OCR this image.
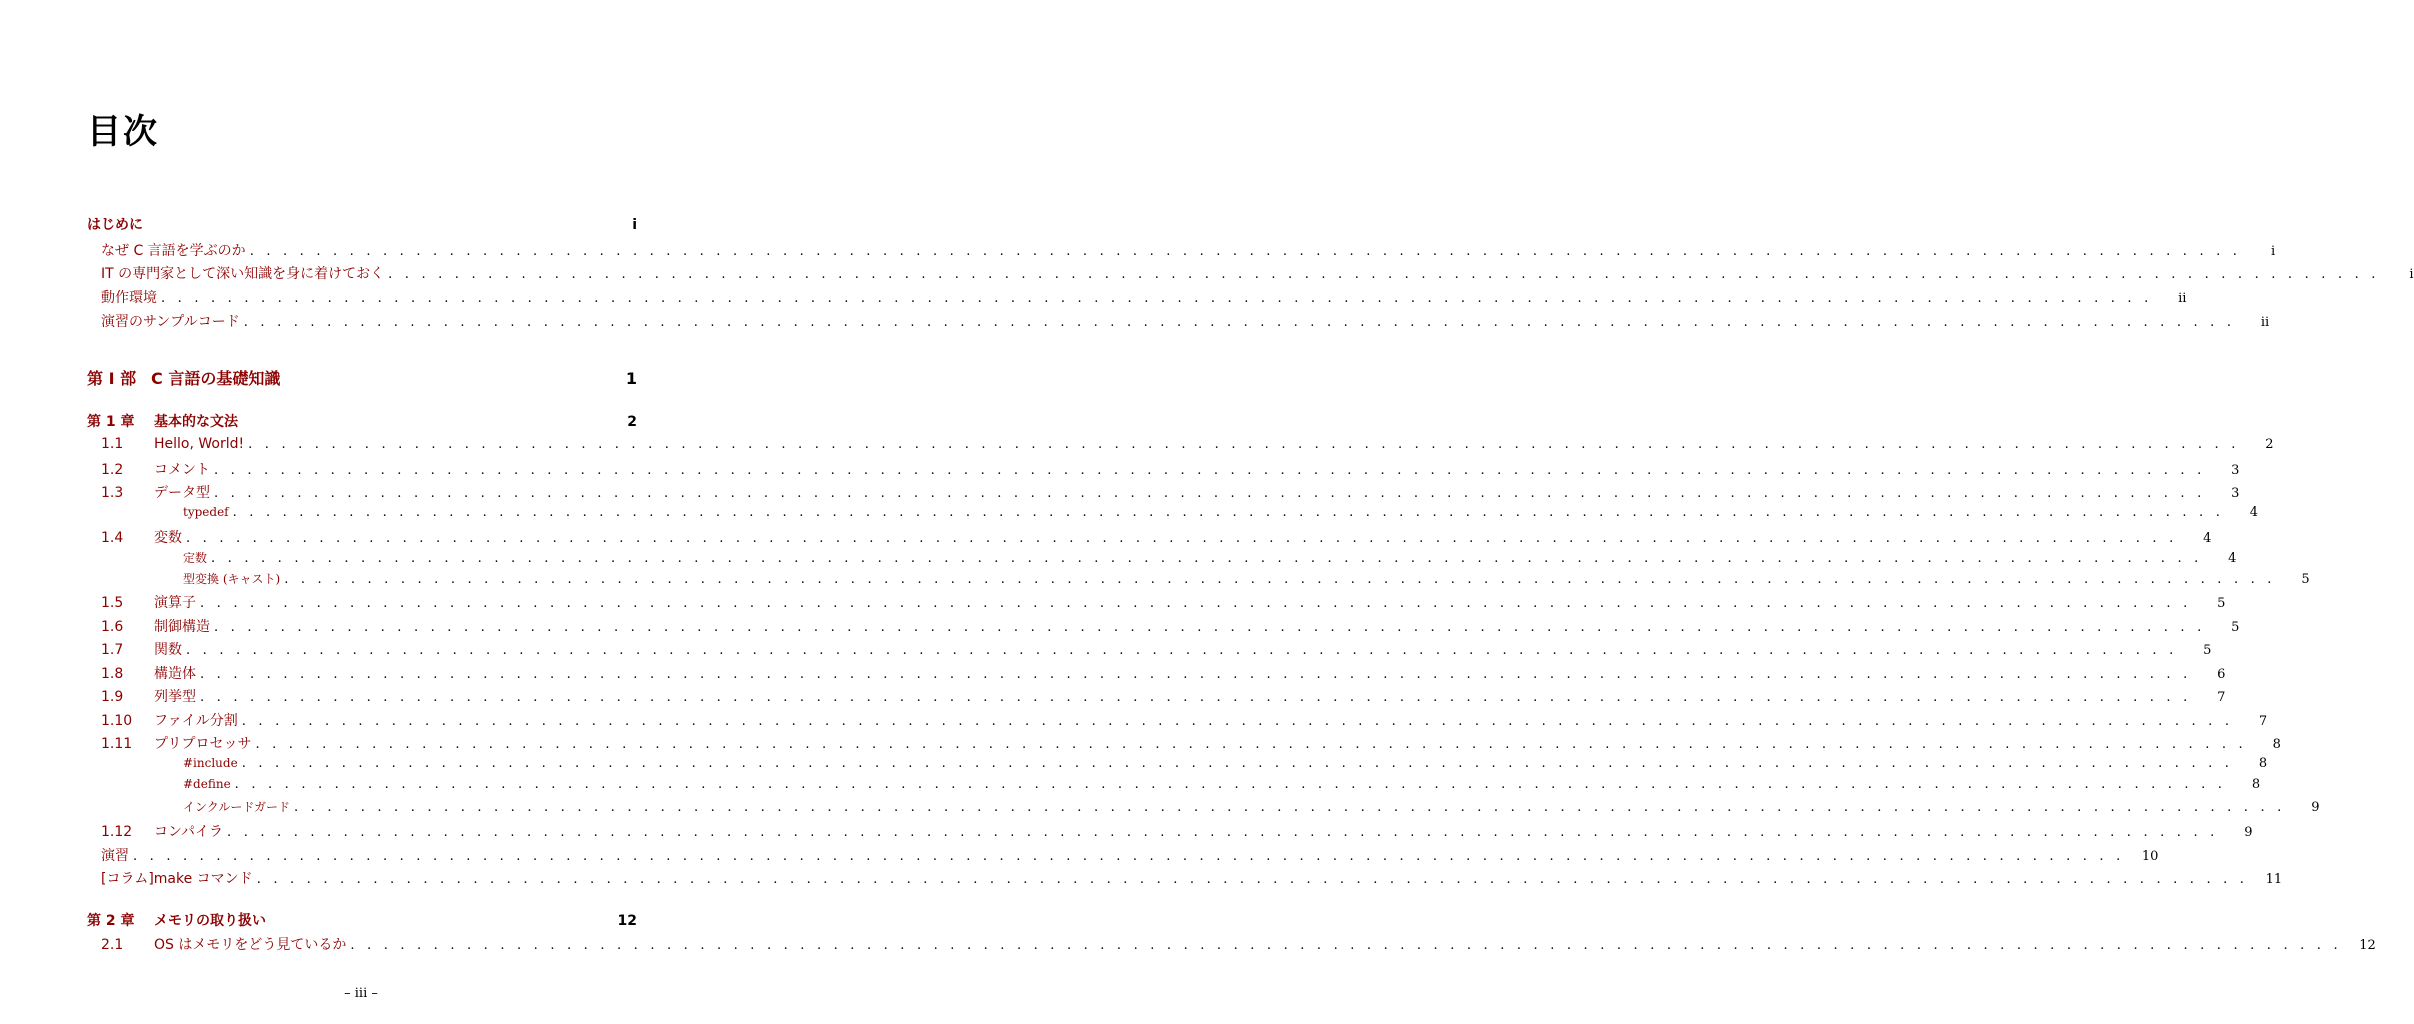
目次
はじめに	i
なぜ C 言語を学ぶのか . . . . . . . . . . . . . . . . . . . . . . . . . . . . . . . . . . . . . . . . . . . . . . . . . . . . . . . . . . . . . . . . . . . . . . . . . . . . . . . . . . . . . . . . . . . . . . . . . . . . . . . . . . . . . . . . . . . . . . . .	i
IT の専門家として深い知識を身に着けておく . . . . . . . . . . . . . . . . . . . . . . . . . . . . . . . . . . . . . . . . . . . . . . . . . . . . . . . . . . . . . . . . . . . . . . . . . . . . . . . . . . . . . . . . . . . . . . . . . . . . . . . . . . . . . . . . . . . . . . . .	i
動作環境 . . . . . . . . . . . . . . . . . . . . . . . . . . . . . . . . . . . . . . . . . . . . . . . . . . . . . . . . . . . . . . . . . . . . . . . . . . . . . . . . . . . . . . . . . . . . . . . . . . . . . . . . . . . . . . . . . . . . . . . .	ii
演習のサンプルコード . . . . . . . . . . . . . . . . . . . . . . . . . . . . . . . . . . . . . . . . . . . . . . . . . . . . . . . . . . . . . . . . . . . . . . . . . . . . . . . . . . . . . . . . . . . . . . . . . . . . . . . . . . . . . . . . . . . . . . . .	ii
第 I 部 C 言語の基礎知識	1
第 1 章	基本的な文法	2
1.1	Hello, World! . . . . . . . . . . . . . . . . . . . . . . . . . . . . . . . . . . . . . . . . . . . . . . . . . . . . . . . . . . . . . . . . . . . . . . . . . . . . . . . . . . . . . . . . . . . . . . . . . . . . . . . . . . . . . . . . . . . . . . . .	2
1.2	コメント . . . . . . . . . . . . . . . . . . . . . . . . . . . . . . . . . . . . . . . . . . . . . . . . . . . . . . . . . . . . . . . . . . . . . . . . . . . . . . . . . . . . . . . . . . . . . . . . . . . . . . . . . . . . . . . . . . . . . . . .	3
1.3	データ型 . . . . . . . . . . . . . . . . . . . . . . . . . . . . . . . . . . . . . . . . . . . . . . . . . . . . . . . . . . . . . . . . . . . . . . . . . . . . . . . . . . . . . . . . . . . . . . . . . . . . . . . . . . . . . . . . . . . . . . . .	3
typedef . . . . . . . . . . . . . . . . . . . . . . . . . . . . . . . . . . . . . . . . . . . . . . . . . . . . . . . . . . . . . . . . . . . . . . . . . . . . . . . . . . . . . . . . . . . . . . . . . . . . . . . . . . . . . . . . . . . . . . . .	4
1.4	変数 . . . . . . . . . . . . . . . . . . . . . . . . . . . . . . . . . . . . . . . . . . . . . . . . . . . . . . . . . . . . . . . . . . . . . . . . . . . . . . . . . . . . . . . . . . . . . . . . . . . . . . . . . . . . . . . . . . . . . . . .	4
定数 . . . . . . . . . . . . . . . . . . . . . . . . . . . . . . . . . . . . . . . . . . . . . . . . . . . . . . . . . . . . . . . . . . . . . . . . . . . . . . . . . . . . . . . . . . . . . . . . . . . . . . . . . . . . . . . . . . . . . . . .	4
型変換 (キャスト) . . . . . . . . . . . . . . . . . . . . . . . . . . . . . . . . . . . . . . . . . . . . . . . . . . . . . . . . . . . . . . . . . . . . . . . . . . . . . . . . . . . . . . . . . . . . . . . . . . . . . . . . . . . . . . . . . . . . . . . .	5
1.5	演算子 . . . . . . . . . . . . . . . . . . . . . . . . . . . . . . . . . . . . . . . . . . . . . . . . . . . . . . . . . . . . . . . . . . . . . . . . . . . . . . . . . . . . . . . . . . . . . . . . . . . . . . . . . . . . . . . . . . . . . . . .	5
1.6	制御構造 . . . . . . . . . . . . . . . . . . . . . . . . . . . . . . . . . . . . . . . . . . . . . . . . . . . . . . . . . . . . . . . . . . . . . . . . . . . . . . . . . . . . . . . . . . . . . . . . . . . . . . . . . . . . . . . . . . . . . . . .	5
1.7	関数 . . . . . . . . . . . . . . . . . . . . . . . . . . . . . . . . . . . . . . . . . . . . . . . . . . . . . . . . . . . . . . . . . . . . . . . . . . . . . . . . . . . . . . . . . . . . . . . . . . . . . . . . . . . . . . . . . . . . . . . .	5
1.8	構造体 . . . . . . . . . . . . . . . . . . . . . . . . . . . . . . . . . . . . . . . . . . . . . . . . . . . . . . . . . . . . . . . . . . . . . . . . . . . . . . . . . . . . . . . . . . . . . . . . . . . . . . . . . . . . . . . . . . . . . . . .	6
1.9	列挙型 . . . . . . . . . . . . . . . . . . . . . . . . . . . . . . . . . . . . . . . . . . . . . . . . . . . . . . . . . . . . . . . . . . . . . . . . . . . . . . . . . . . . . . . . . . . . . . . . . . . . . . . . . . . . . . . . . . . . . . . .	7
1.10	ファイル分割 . . . . . . . . . . . . . . . . . . . . . . . . . . . . . . . . . . . . . . . . . . . . . . . . . . . . . . . . . . . . . . . . . . . . . . . . . . . . . . . . . . . . . . . . . . . . . . . . . . . . . . . . . . . . . . . . . . . . . . . .	7
1.11	プリプロセッサ . . . . . . . . . . . . . . . . . . . . . . . . . . . . . . . . . . . . . . . . . . . . . . . . . . . . . . . . . . . . . . . . . . . . . . . . . . . . . . . . . . . . . . . . . . . . . . . . . . . . . . . . . . . . . . . . . . . . . . . .	8
#include . . . . . . . . . . . . . . . . . . . . . . . . . . . . . . . . . . . . . . . . . . . . . . . . . . . . . . . . . . . . . . . . . . . . . . . . . . . . . . . . . . . . . . . . . . . . . . . . . . . . . . . . . . . . . . . . . . . . . . . .	8
#define . . . . . . . . . . . . . . . . . . . . . . . . . . . . . . . . . . . . . . . . . . . . . . . . . . . . . . . . . . . . . . . . . . . . . . . . . . . . . . . . . . . . . . . . . . . . . . . . . . . . . . . . . . . . . . . . . . . . . . . .	8
インクルードガード . . . . . . . . . . . . . . . . . . . . . . . . . . . . . . . . . . . . . . . . . . . . . . . . . . . . . . . . . . . . . . . . . . . . . . . . . . . . . . . . . . . . . . . . . . . . . . . . . . . . . . . . . . . . . . . . . . . . . . . .	9
1.12	コンパイラ . . . . . . . . . . . . . . . . . . . . . . . . . . . . . . . . . . . . . . . . . . . . . . . . . . . . . . . . . . . . . . . . . . . . . . . . . . . . . . . . . . . . . . . . . . . . . . . . . . . . . . . . . . . . . . . . . . . . . . . .	9
演習 . . . . . . . . . . . . . . . . . . . . . . . . . . . . . . . . . . . . . . . . . . . . . . . . . . . . . . . . . . . . . . . . . . . . . . . . . . . . . . . . . . . . . . . . . . . . . . . . . . . . . . . . . . . . . . . . . . . . . . . .	10
[コラム]make コマンド . . . . . . . . . . . . . . . . . . . . . . . . . . . . . . . . . . . . . . . . . . . . . . . . . . . . . . . . . . . . . . . . . . . . . . . . . . . . . . . . . . . . . . . . . . . . . . . . . . . . . . . . . . . . . . . . . . . . . . . .	11
第 2 章	メモリの取り扱い	12
2.1	OS はメモリをどう見ているか . . . . . . . . . . . . . . . . . . . . . . . . . . . . . . . . . . . . . . . . . . . . . . . . . . . . . . . . . . . . . . . . . . . . . . . . . . . . . . . . . . . . . . . . . . . . . . . . . . . . . . . . . . . . . . . . . . . . . . . .	12
– iii –
